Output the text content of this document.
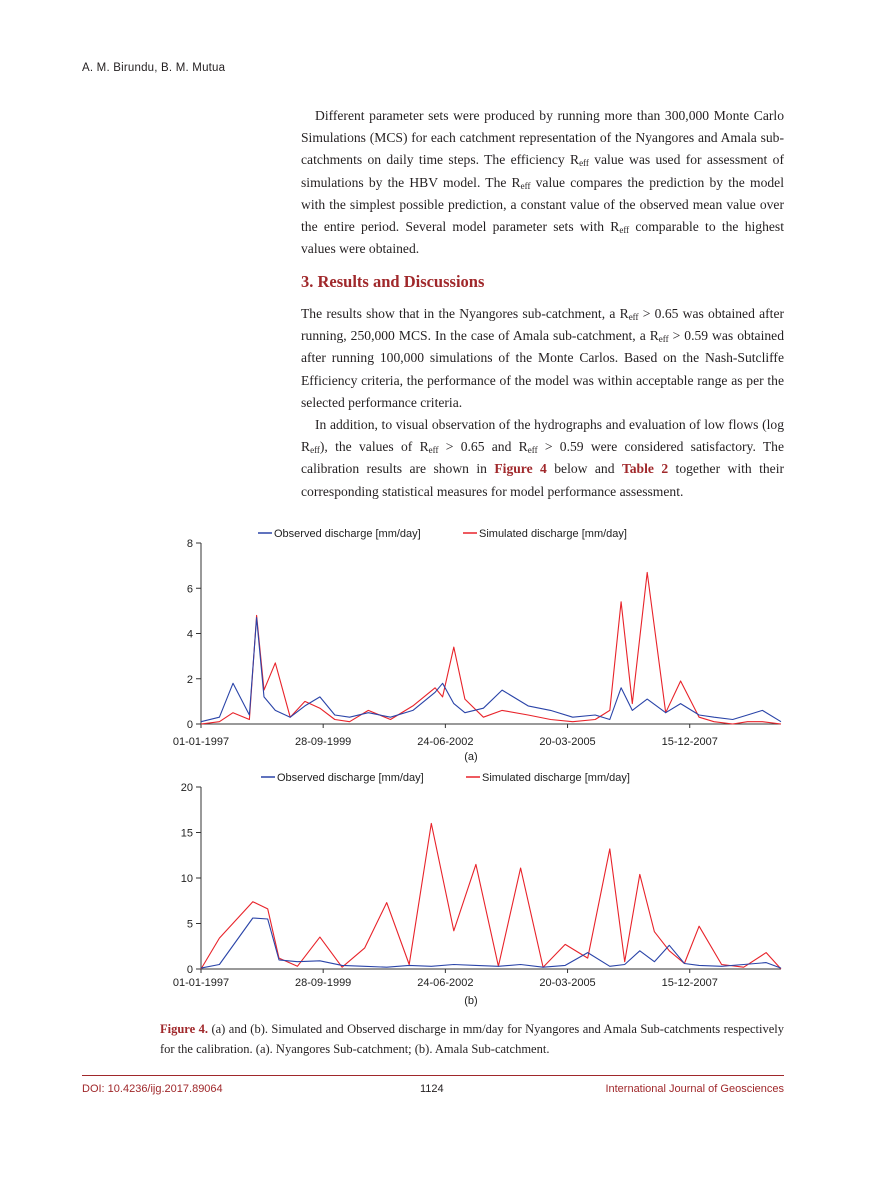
A. M. Birundu, B. M. Mutua

Different parameter sets were produced by running more than 300,000 Monte Carlo Simulations (MCS) for each catchment representation of the Nyangores and Amala sub-catchments on daily time steps. The efficiency $R_{eff}$ value was used for assessment of simulations by the HBV model. The $R_{eff}$ value compares the prediction by the model with the simplest possible prediction, a constant value of the observed mean value over the entire period. Several model parameter sets with $R_{eff}$ comparable to the highest values were obtained.

3. Results and Discussions

The results show that in the Nyangores sub-catchment, a $R_{eff} > 0.65$ was obtained after running, 250,000 MCS. In the case of Amala sub-catchment, a $R_{eff} > 0.59$ was obtained after running 100,000 simulations of the Monte Carlos. Based on the Nash-Sutcliffe Efficiency criteria, the performance of the model was within acceptable range as per the selected performance criteria.

In addition, to visual observation of the hydrographs and evaluation of low flows (log $R_{eff}$), the values of $R_{eff} > 0.65$ and $R_{eff} > 0.59$ were considered satisfactory. The calibration results are shown in Figure 4 below and Table 2 together with their corresponding statistical measures for model performance assessment.

0
2
4
6
8
01-01-1997	28-09-1999	24-06-2002	20-03-2005	15-12-2007
Observed discharge [mm/day]	Simulated discharge [mm/day]
(a)
0
5
10
15
20
01-01-1997	28-09-1999	24-06-2002	20-03-2005	15-12-2007
Observed discharge [mm/day]	Simulated discharge [mm/day]
(b)
Figure 4. (a) and (b). Simulated and Observed discharge in mm/day for Nyangores and Amala Sub-catchments respectively for the calibration. (a). Nyangores Sub-catchment; (b). Amala Sub-catchment.
DOI: 10.4236/ijg.2017.89064	1124	International Journal of Geosciences
